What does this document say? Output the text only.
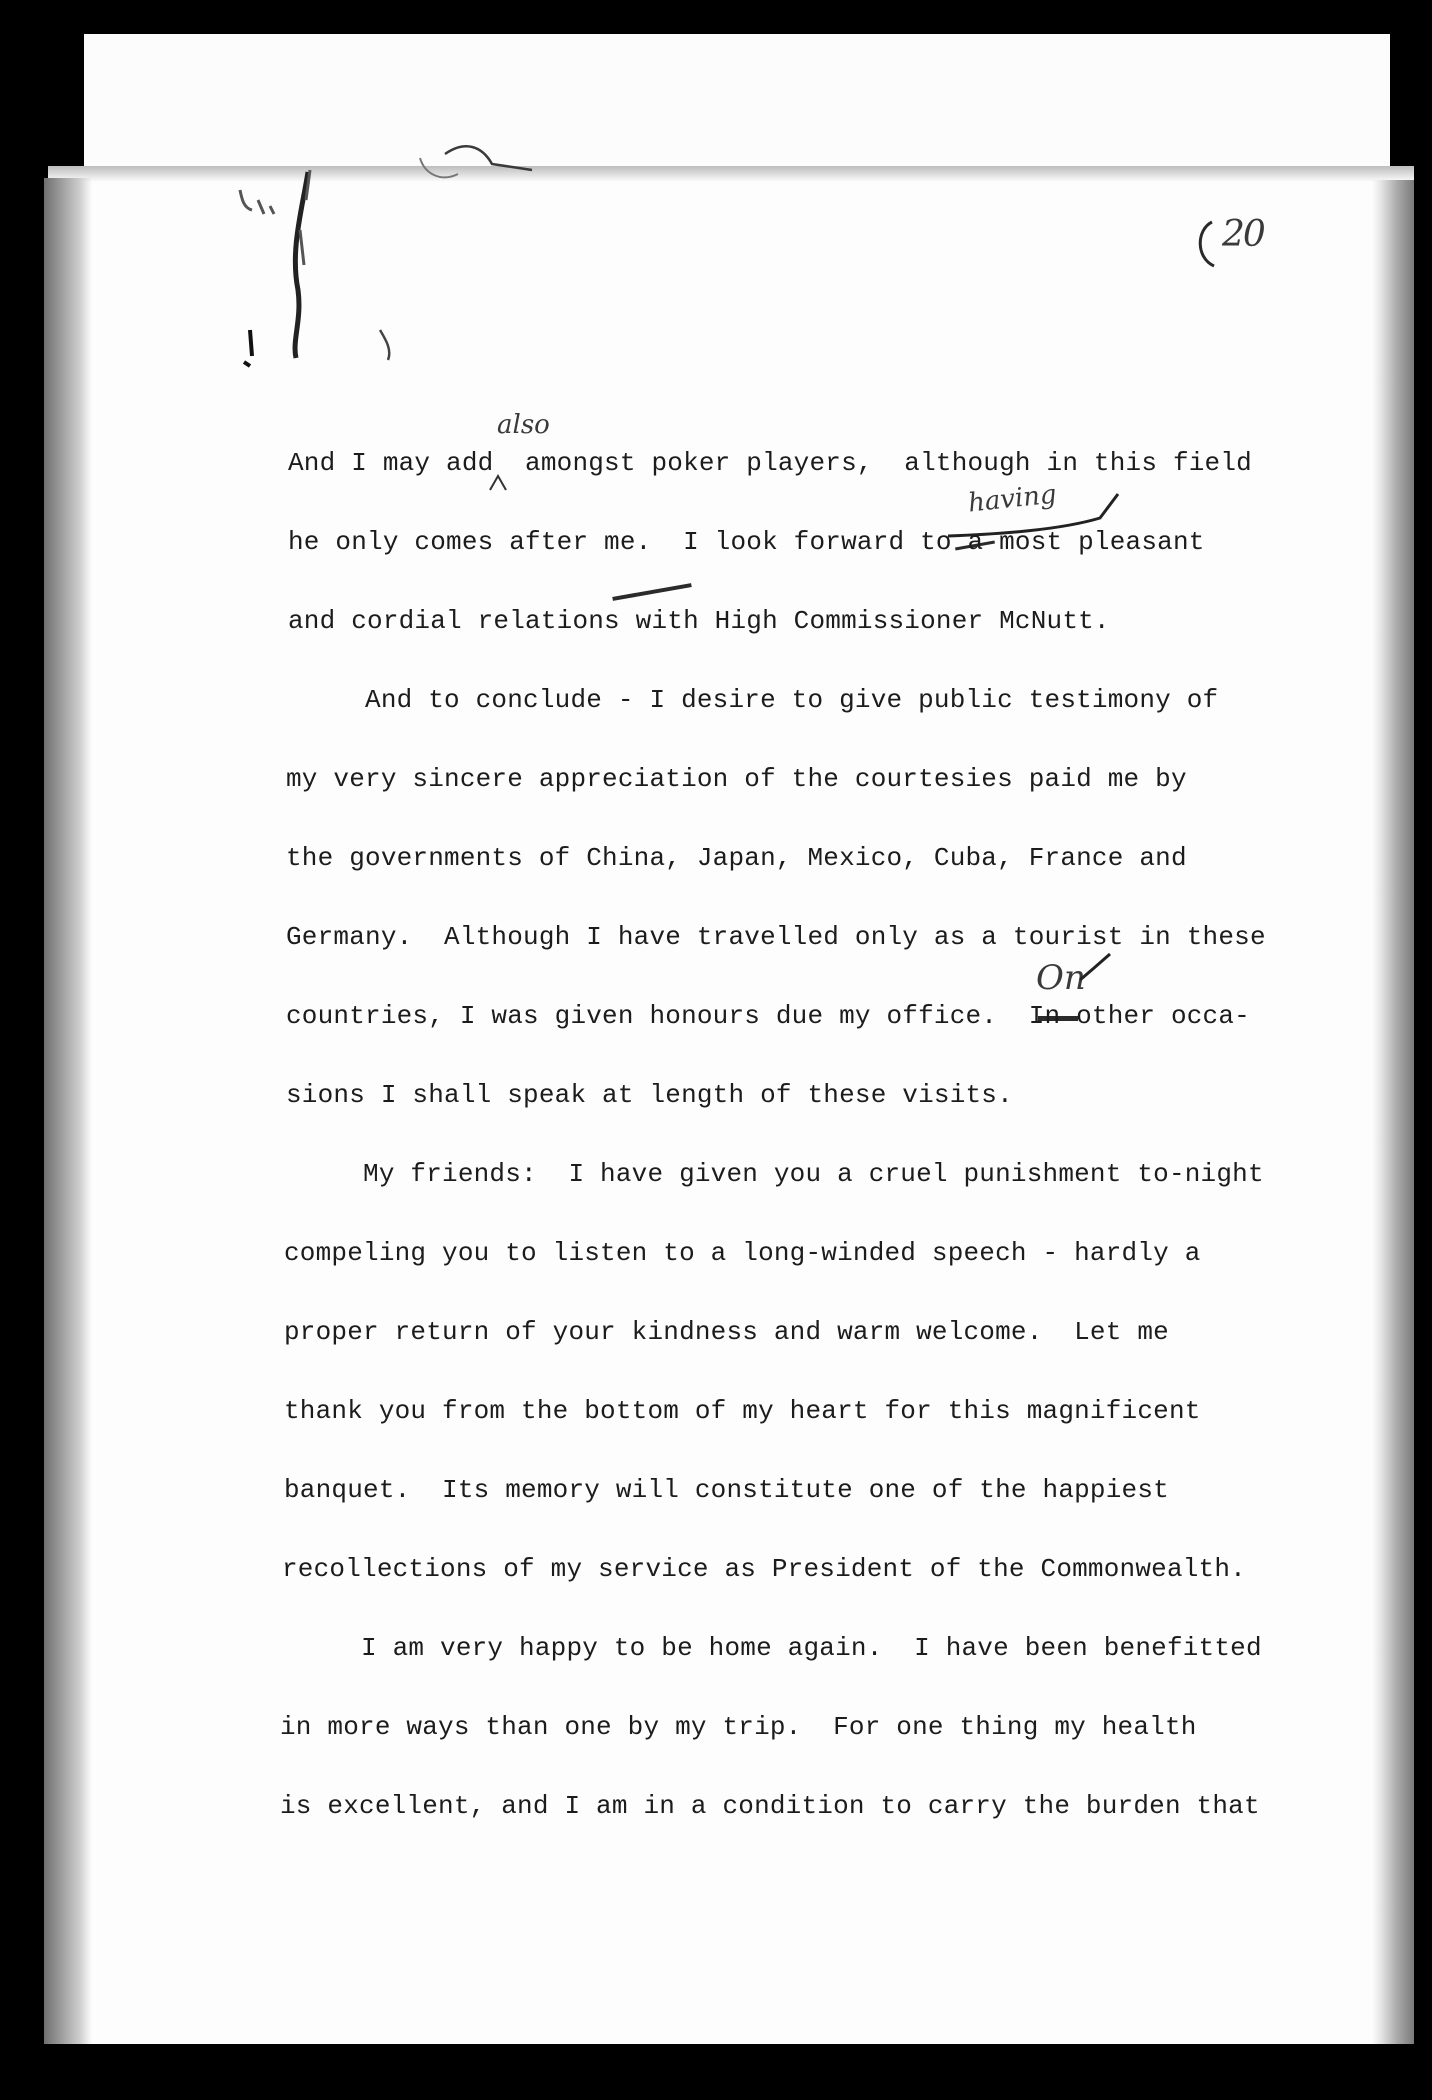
20
also
having
On
And I may add  amongst poker players,  although in this field
he only comes after me.  I look forward to a most pleasant
and cordial relations with High Commissioner McNutt.
And to conclude - I desire to give public testimony of
my very sincere appreciation of the courtesies paid me by
the governments of China, Japan, Mexico, Cuba, France and
Germany.  Although I have travelled only as a tourist in these
countries, I was given honours due my office.  In other occa-
sions I shall speak at length of these visits.
My friends:  I have given you a cruel punishment to-night
compeling you to listen to a long-winded speech - hardly a
proper return of your kindness and warm welcome.  Let me
thank you from the bottom of my heart for this magnificent
banquet.  Its memory will constitute one of the happiest
recollections of my service as President of the Commonwealth.
I am very happy to be home again.  I have been benefitted
in more ways than one by my trip.  For one thing my health
is excellent, and I am in a condition to carry the burden that
